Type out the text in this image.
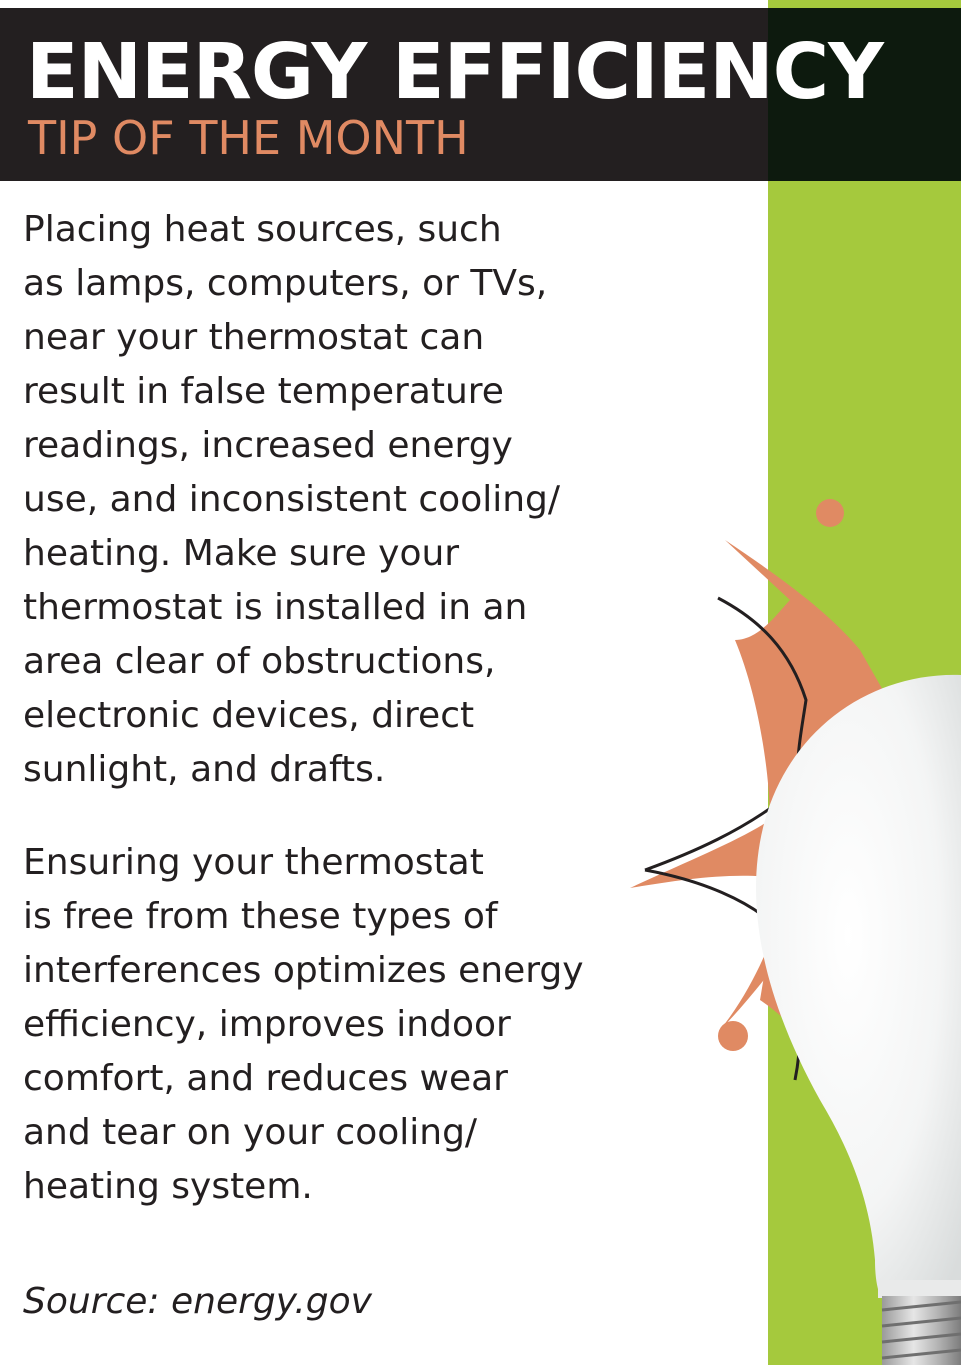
ENERGY EFFICIENCY
TIP OF THE MONTH

Placing heat sources, such
as lamps, computers, or TVs,
near your thermostat can
result in false temperature
readings, increased energy
use, and inconsistent cooling/
heating. Make sure your
thermostat is installed in an
area clear of obstructions,
electronic devices, direct
sunlight, and drafts.

Ensuring your thermostat
is free from these types of
interferences optimizes energy
efficiency, improves indoor
comfort, and reduces wear
and tear on your cooling/
heating system.

Source: energy.gov
